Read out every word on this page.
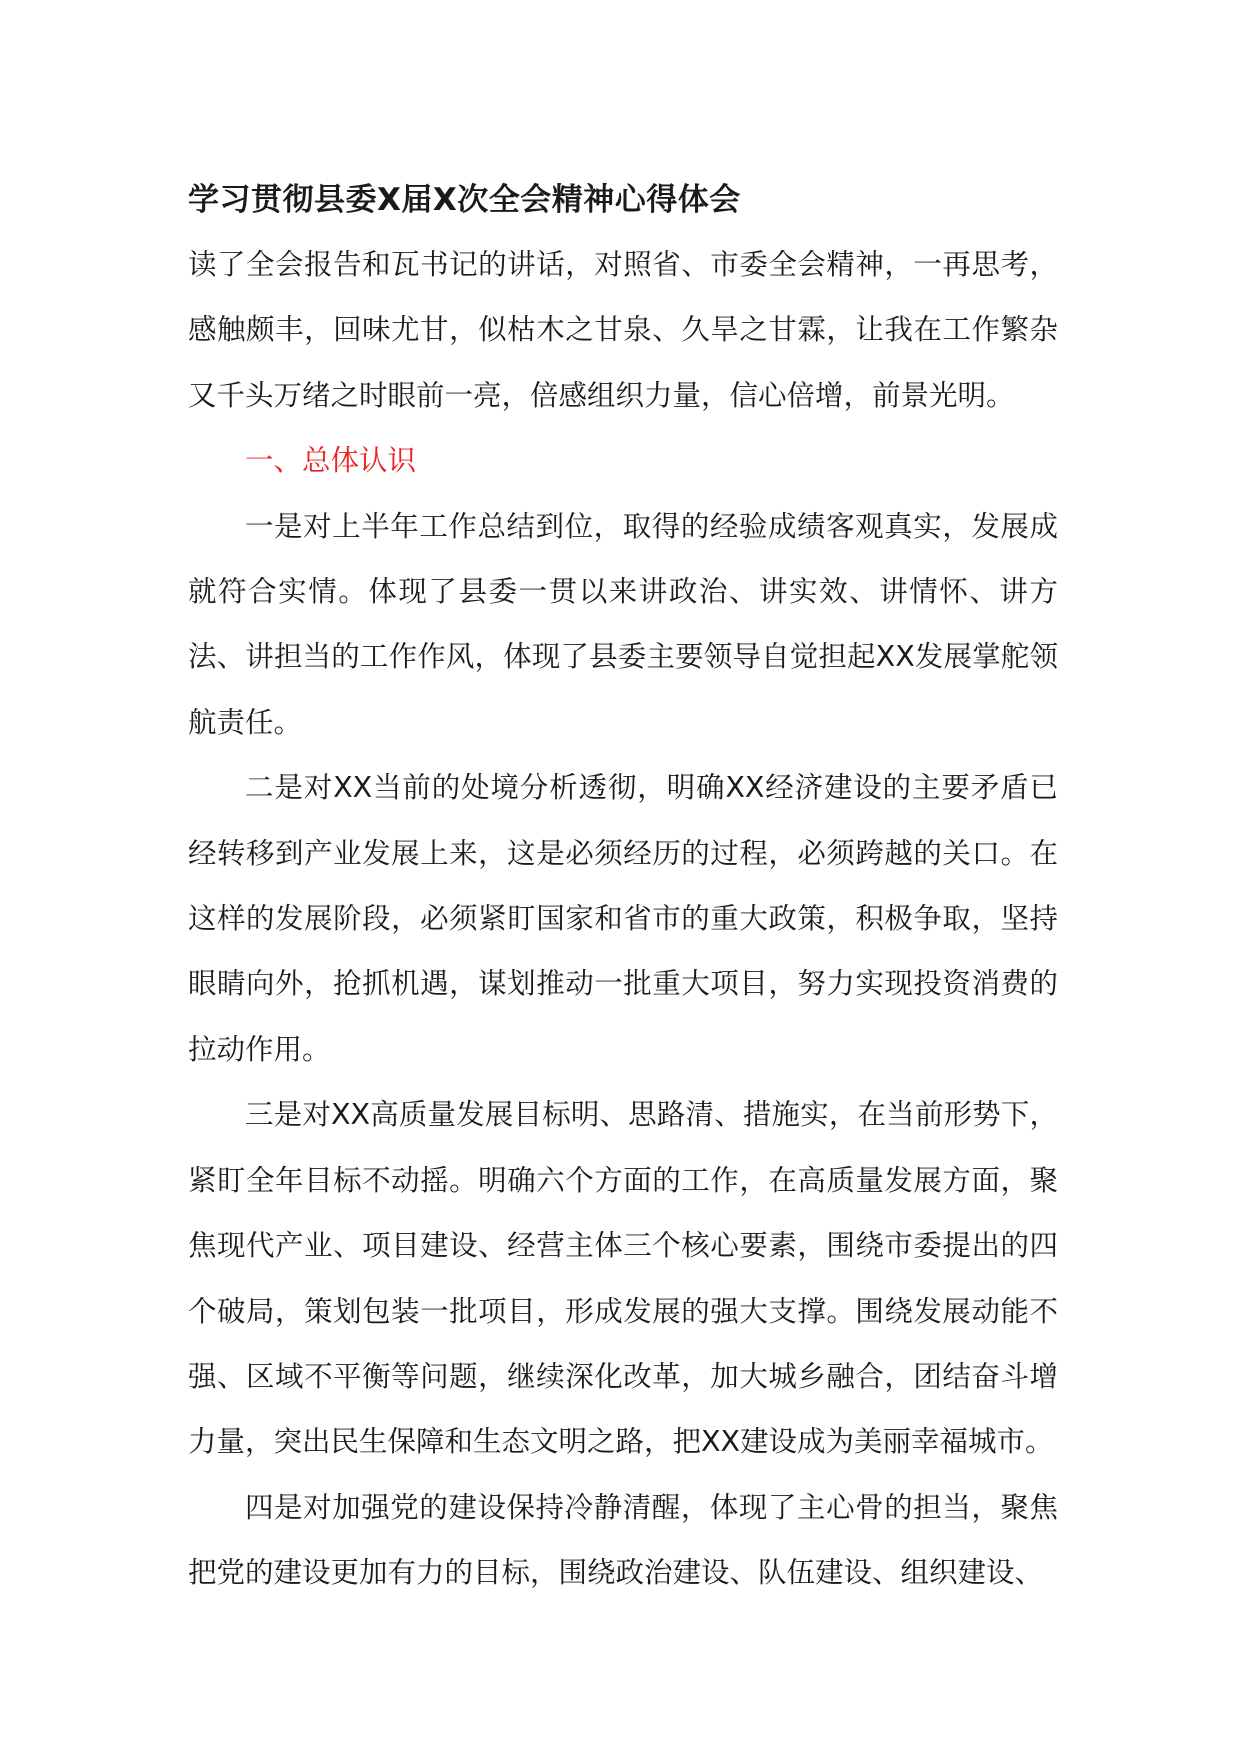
学习贯彻县委X届X次全会精神心得体会

读了全会报告和瓦书记的讲话，对照省、市委全会精神，一再思考，感触颇丰，回味尤甘，似枯木之甘泉、久旱之甘霖，让我在工作繁杂又千头万绪之时眼前一亮，倍感组织力量，信心倍增，前景光明。

一、总体认识

一是对上半年工作总结到位，取得的经验成绩客观真实，发展成就符合实情。体现了县委一贯以来讲政治、讲实效、讲情怀、讲方法、讲担当的工作作风，体现了县委主要领导自觉担起XX发展掌舵领航责任。

二是对XX当前的处境分析透彻，明确XX经济建设的主要矛盾已经转移到产业发展上来，这是必须经历的过程，必须跨越的关口。在这样的发展阶段，必须紧盯国家和省市的重大政策，积极争取，坚持眼睛向外，抢抓机遇，谋划推动一批重大项目，努力实现投资消费的拉动作用。

三是对XX高质量发展目标明、思路清、措施实，在当前形势下，紧盯全年目标不动摇。明确六个方面的工作，在高质量发展方面，聚焦现代产业、项目建设、经营主体三个核心要素，围绕市委提出的四个破局，策划包装一批项目，形成发展的强大支撑。围绕发展动能不强、区域不平衡等问题，继续深化改革，加大城乡融合，团结奋斗增力量，突出民生保障和生态文明之路，把XX建设成为美丽幸福城市。

四是对加强党的建设保持冷静清醒，体现了主心骨的担当，聚焦把党的建设更加有力的目标，围绕政治建设、队伍建设、组织建设、
